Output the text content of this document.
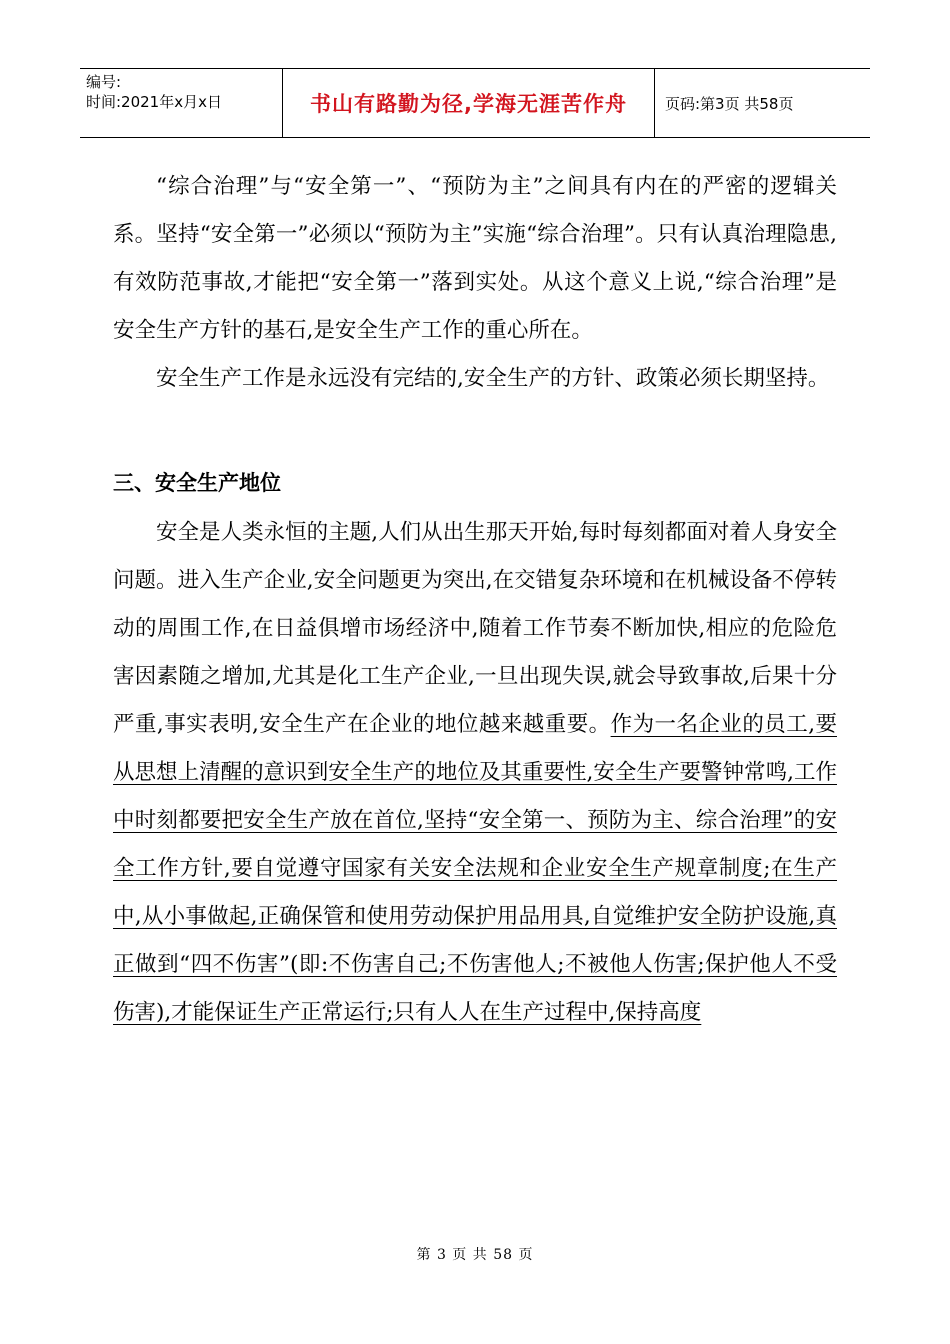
编号:
时间:2021年x月x日	书山有路勤为径,学海无涯苦作舟	页码:第3页 共58页

“综合治理”与“安全第一”、“预防为主”之间具有内在的严密的逻辑关系。坚持“安全第一”必须以“预防为主”实施“综合治理”。只有认真治理隐患,有效防范事故,才能把“安全第一”落到实处。从这个意义上说,“综合治理”是安全生产方针的基石,是安全生产工作的重心所在。

安全生产工作是永远没有完结的,安全生产的方针、政策必须长期坚持。

三、安全生产地位

安全是人类永恒的主题,人们从出生那天开始,每时每刻都面对着人身安全问题。进入生产企业,安全问题更为突出,在交错复杂环境和在机械设备不停转动的周围工作,在日益俱增市场经济中,随着工作节奏不断加快,相应的危险危害因素随之增加,尤其是化工生产企业,一旦出现失误,就会导致事故,后果十分严重,事实表明,安全生产在企业的地位越来越重要。作为一名企业的员工,要从思想上清醒的意识到安全生产的地位及其重要性,安全生产要警钟常鸣,工作中时刻都要把安全生产放在首位,坚持“安全第一、预防为主、综合治理”的安全工作方针,要自觉遵守国家有关安全法规和企业安全生产规章制度;在生产中,从小事做起,正确保管和使用劳动保护用品用具,自觉维护安全防护设施,真正做到“四不伤害”(即:不伤害自己;不伤害他人;不被他人伤害;保护他人不受伤害),才能保证生产正常运行;只有人人在生产过程中,保持高度

第 3 页 共 58 页
